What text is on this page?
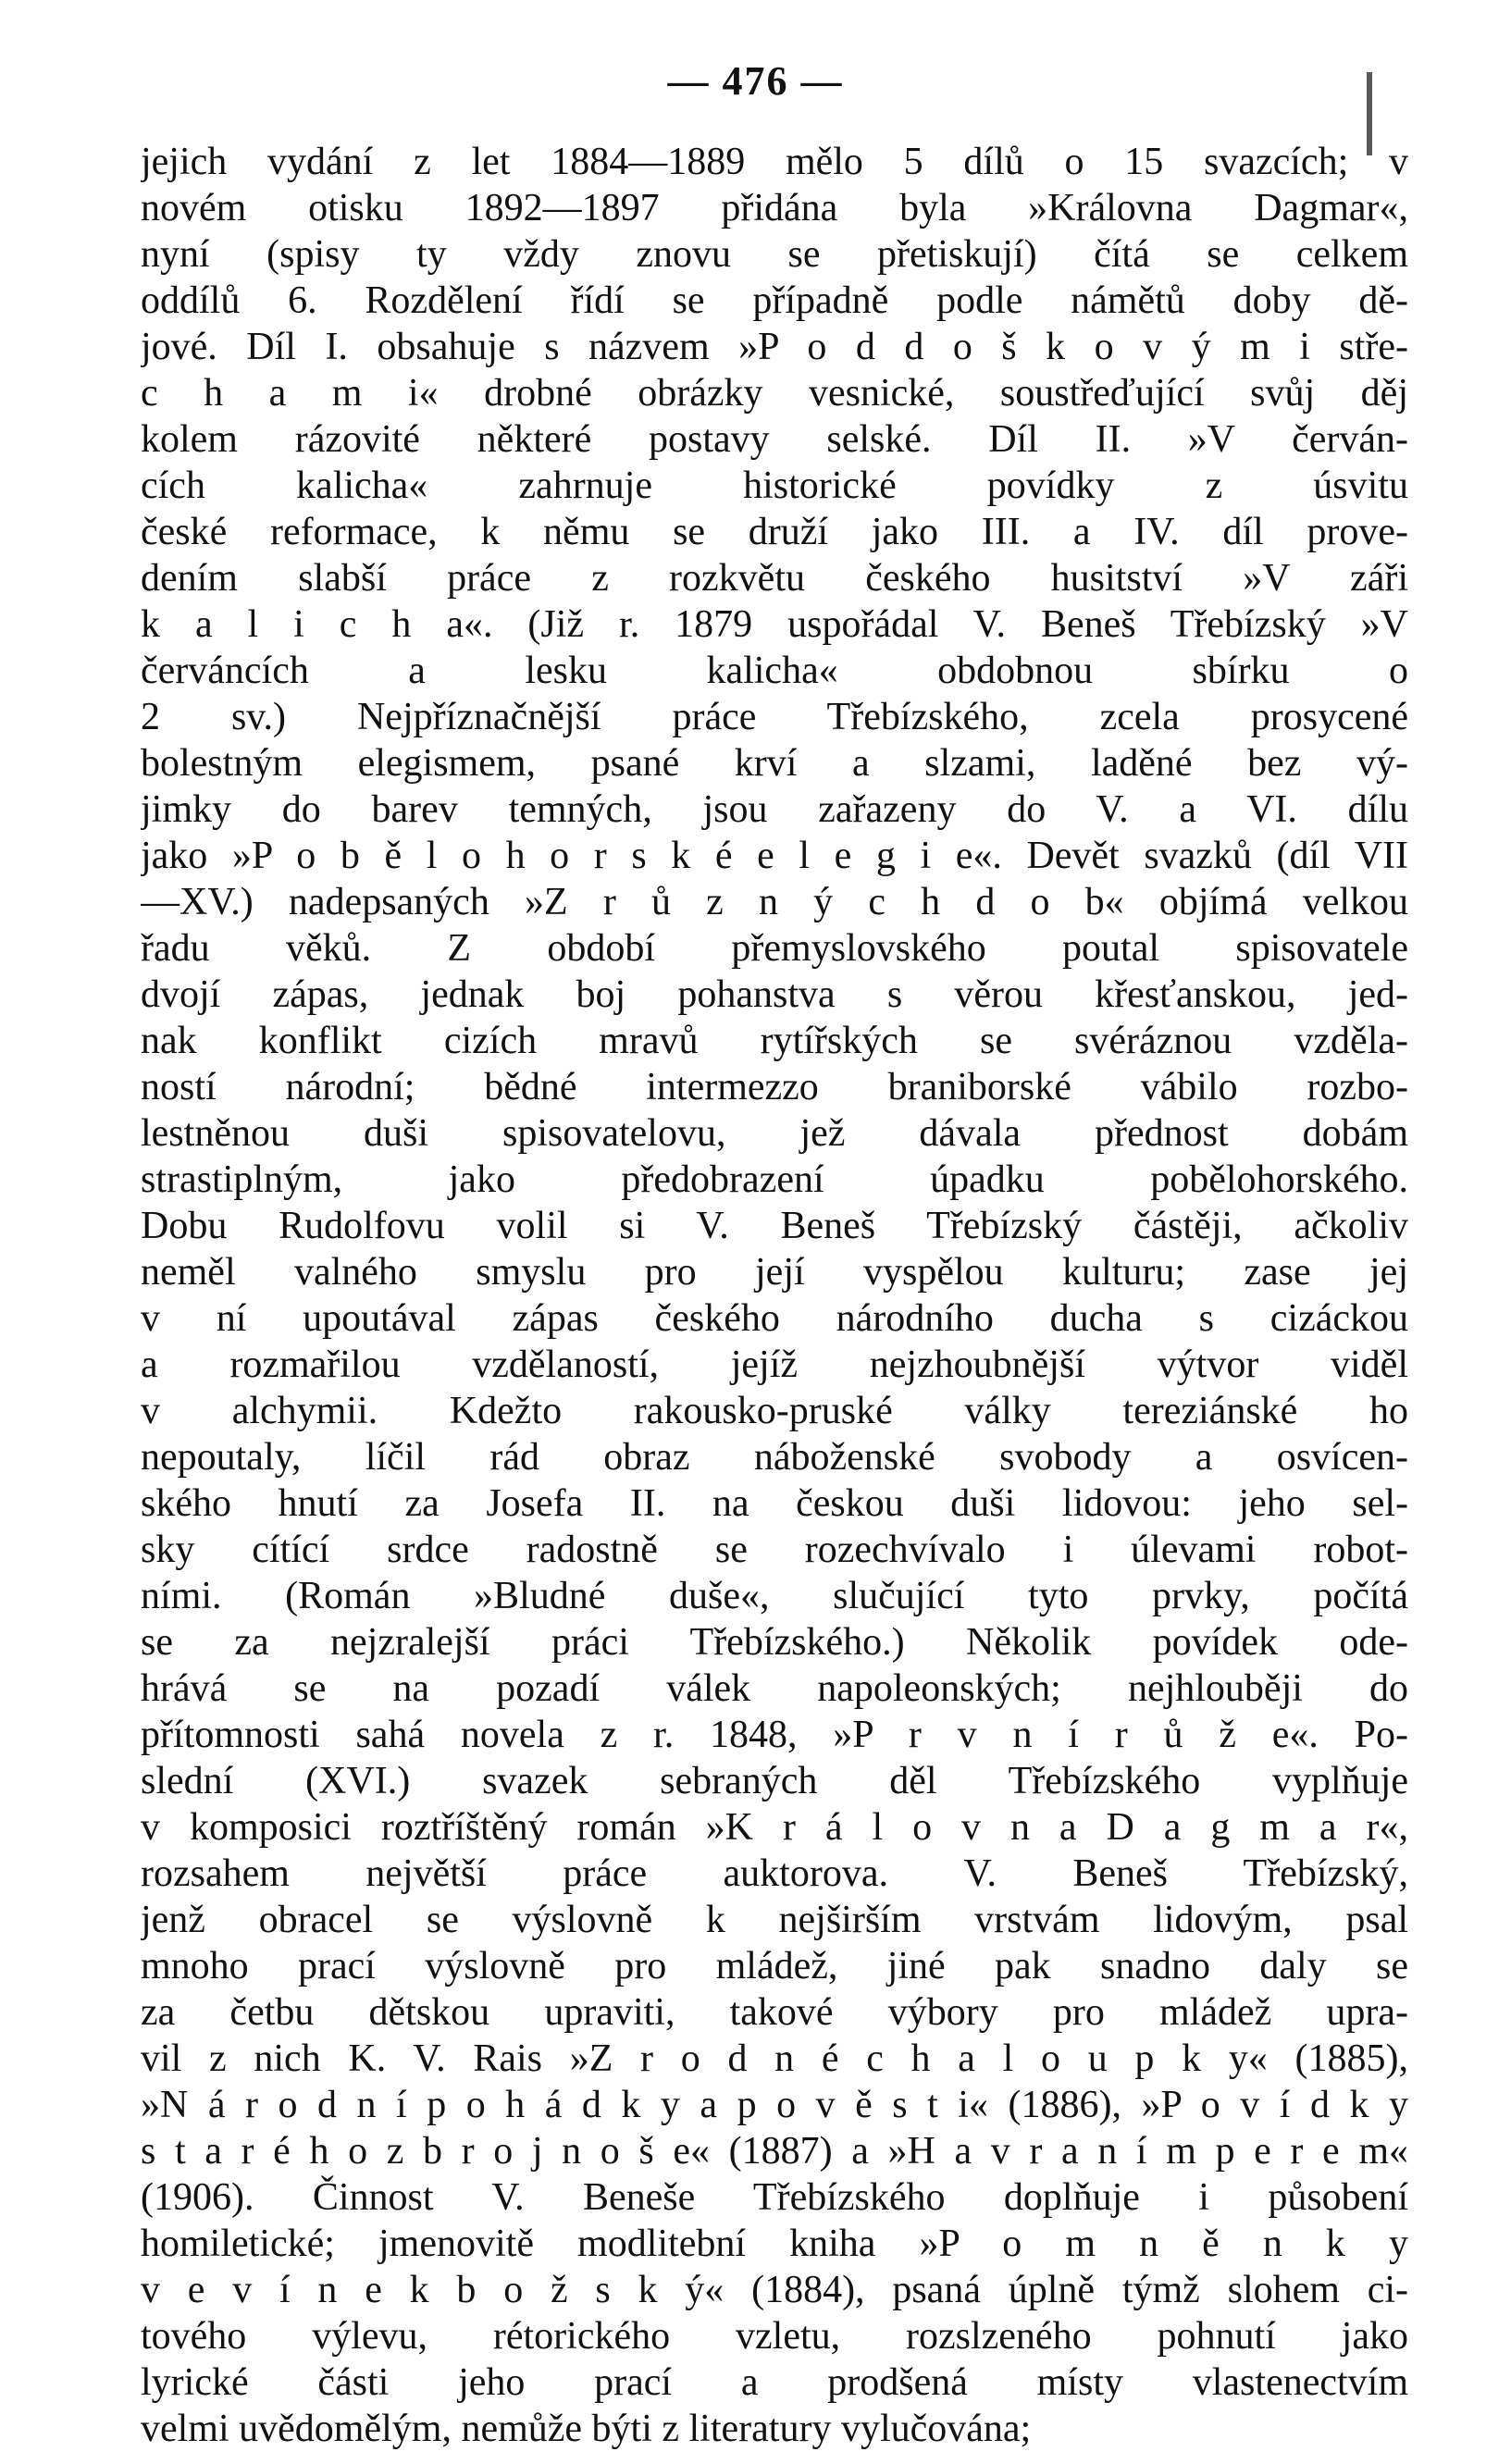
— 476 —
jejich vydání z let 1884—1889 mělo 5 dílů o 15 svazcích; v
novém otisku 1892—1897 přidána byla »Královna Dagmar«,
nyní (spisy ty vždy znovu se přetiskují) čítá se celkem
oddílů 6. Rozdělení řídí se případně podle námětů doby dě-
jové. Díl I. obsahuje s názvem »P o d d o š k o v ý m i stře-
c h a m i« drobné obrázky vesnické, soustřeďující svůj děj
kolem rázovité některé postavy selské. Díl II. »V červán-
cích kalicha« zahrnuje historické povídky z úsvitu
české reformace, k němu se druží jako III. a IV. díl prove-
dením slabší práce z rozkvětu českého husitství »V záři
k a l i c h a«. (Již r. 1879 uspořádal V. Beneš Třebízský »V
červáncích a lesku kalicha« obdobnou sbírku o
2 sv.) Nejpříznačnější práce Třebízského, zcela prosycené
bolestným elegismem, psané krví a slzami, laděné bez vý-
jimky do barev temných, jsou zařazeny do V. a VI. dílu
jako »P o b ě l o h o r s k é e l e g i e«. Devět svazků (díl VII
—XV.) nadepsaných »Z r ů z n ý c h d o b« objímá velkou
řadu věků. Z období přemyslovského poutal spisovatele
dvojí zápas, jednak boj pohanstva s věrou křesťanskou, jed-
nak konflikt cizích mravů rytířských se svéráznou vzděla-
ností národní; bědné intermezzo braniborské vábilo rozbo-
lestněnou duši spisovatelovu, jež dávala přednost dobám
strastiplným, jako předobrazení úpadku pobělohorského.
Dobu Rudolfovu volil si V. Beneš Třebízský částěji, ačkoliv
neměl valného smyslu pro její vyspělou kulturu; zase jej
v ní upoutával zápas českého národního ducha s cizáckou
a rozmařilou vzdělaností, jejíž nejzhoubnější výtvor viděl
v alchymii. Kdežto rakousko-pruské války tereziánské ho
nepoutaly, líčil rád obraz náboženské svobody a osvícen-
ského hnutí za Josefa II. na českou duši lidovou: jeho sel-
sky cítící srdce radostně se rozechvívalo i úlevami robot-
ními. (Román »Bludné duše«, slučující tyto prvky, počítá
se za nejzralejší práci Třebízského.) Několik povídek ode-
hrává se na pozadí válek napoleonských; nejhlouběji do
přítomnosti sahá novela z r. 1848, »P r v n í r ů ž e«. Po-
slední (XVI.) svazek sebraných děl Třebízského vyplňuje
v komposici roztříštěný román »K r á l o v n a D a g m a r«,
rozsahem největší práce auktorova. V. Beneš Třebízský,
jenž obracel se výslovně k nejširším vrstvám lidovým, psal
mnoho prací výslovně pro mládež, jiné pak snadno daly se
za četbu dětskou upraviti, takové výbory pro mládež upra-
vil z nich K. V. Rais »Z r o d n é c h a l o u p k y« (1885),
»N á r o d n í p o h á d k y a p o v ě s t i« (1886), »P o v í d k y
s t a r é h o z b r o j n o š e« (1887) a »H a v r a n í m p e r e m«
(1906). Činnost V. Beneše Třebízského doplňuje i působení
homiletické; jmenovitě modlitební kniha »P o m n ě n k y
v e v í n e k b o ž s k ý« (1884), psaná úplně týmž slohem ci-
tového výlevu, rétorického vzletu, rozslzeného pohnutí jako
lyrické části jeho prací a prodšená místy vlastenectvím
velmi uvědomělým, nemůže býti z literatury vylučována;
